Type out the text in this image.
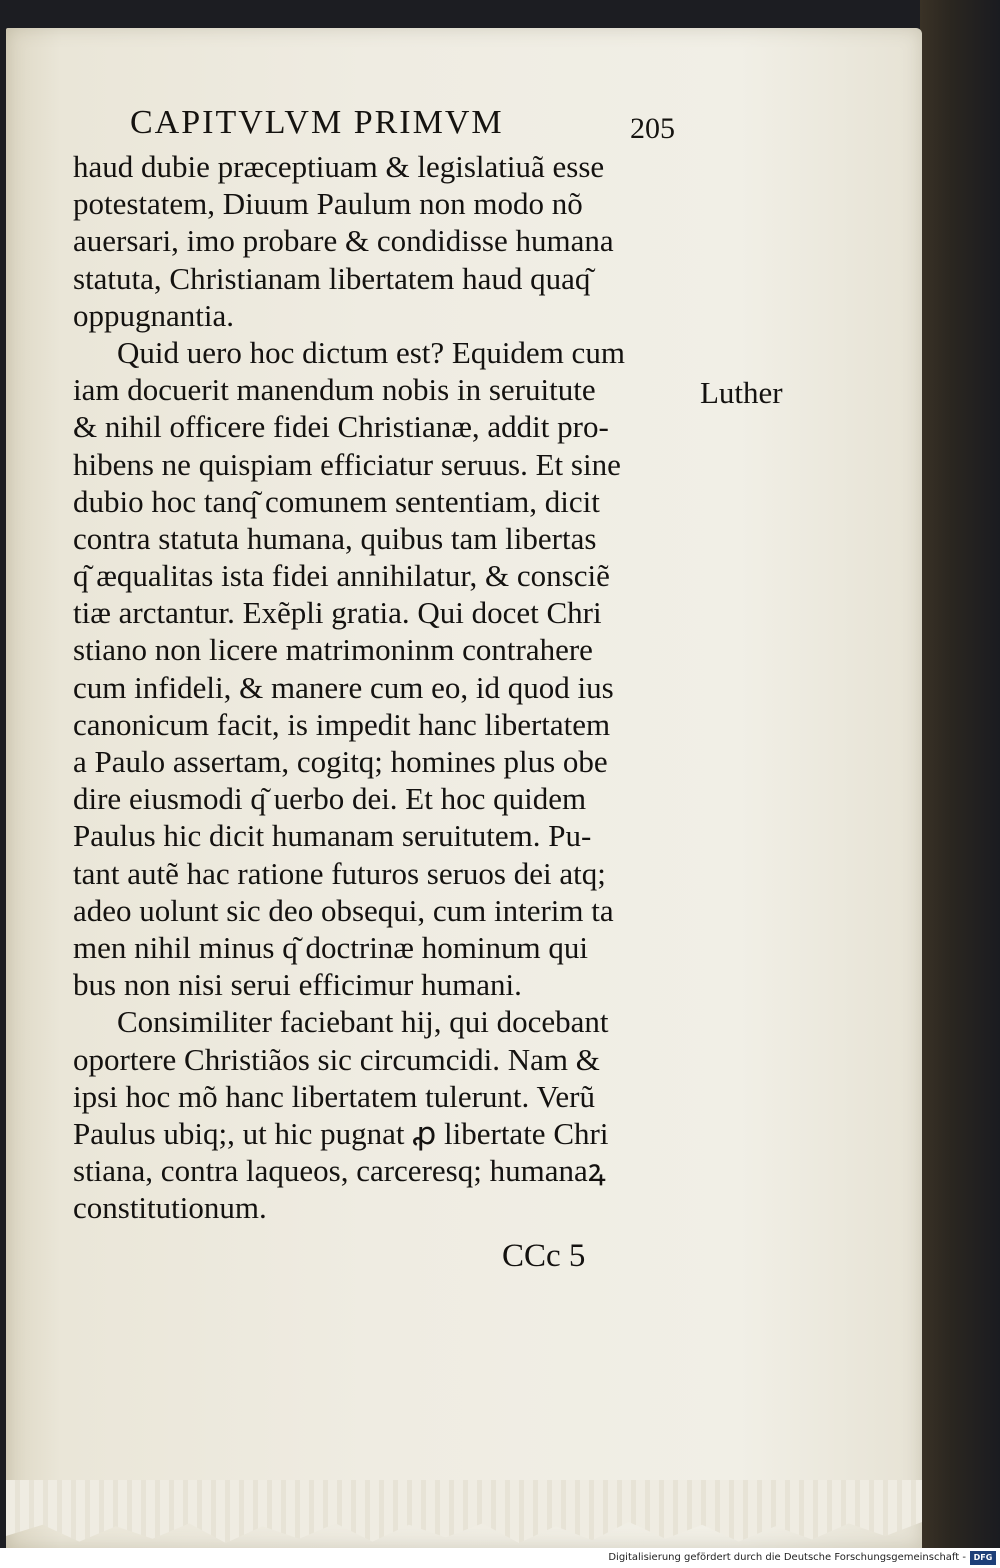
CAPITVLVM PRIMVM	205
haud dubie præceptiuam & legislatiuã esse
potestatem, Diuum Paulum non modo nõ
auersari, imo probare & condidisse humana
statuta, Christianam libertatem haud quaq͂
oppugnantia.
Quid uero hoc dictum est? Equidem cum
iam docuerit manendum nobis in seruitute
& nihil officere fidei Christianæ, addit pro-
hibens ne quispiam efficiatur seruus. Et sine
dubio hoc tanq͂ comunem sententiam, dicit
contra statuta humana, quibus tam libertas
q͂ æqualitas ista fidei annihilatur, & consciẽ
tiæ arctantur. Exẽpli gratia. Qui docet Chri
stiano non licere matrimoninm contrahere
cum infideli, & manere cum eo, id quod ius
canonicum facit, is impedit hanc libertatem
a Paulo assertam, cogitq; homines plus obe
dire eiusmodi q͂ uerbo dei. Et hoc quidem
Paulus hic dicit humanam seruitutem. Pu-
tant autẽ hac ratione futuros seruos dei atq;
adeo uolunt sic deo obsequi, cum interim ta
men nihil minus q͂ doctrinæ hominum qui
bus non nisi serui efficimur humani.
Consimiliter faciebant hĳ, qui docebant
oportere Christiãos sic circumcidi. Nam &
ipsi hoc mõ hanc libertatem tulerunt. Verũ
Paulus ubiq;, ut hic pugnat ꝓ libertate Chri
stiana, contra laqueos, carceresq; humanaꝝ
constitutionum.
Luther
CCc 5
Digitalisierung gefördert durch die Deutsche Forschungsgemeinschaft - DFG
